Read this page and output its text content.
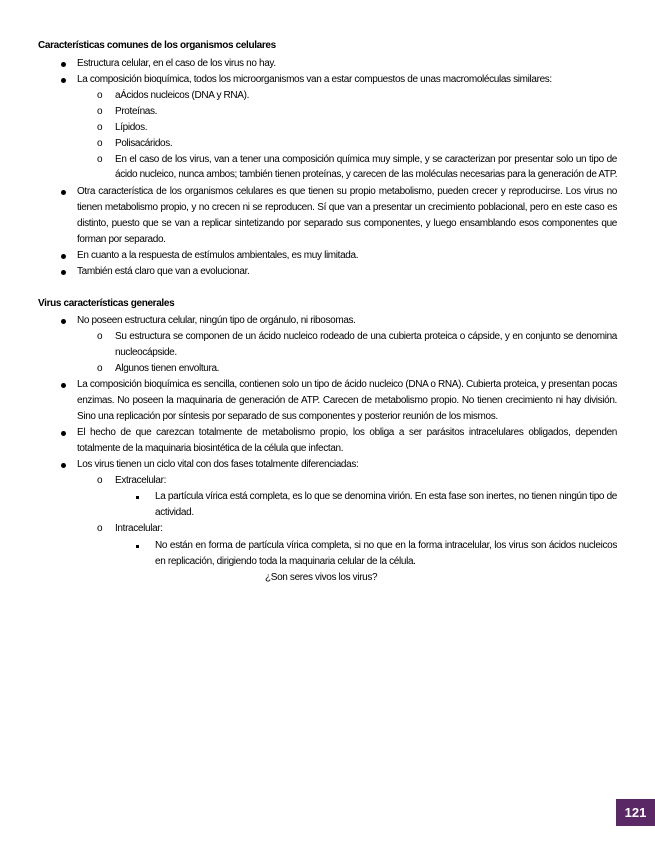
Características comunes de los organismos celulares
Estructura celular, en el caso de los virus no hay.
La composición bioquímica, todos los microorganismos van a estar compuestos de unas macromoléculas similares:
o aÁcidos nucleicos (DNA y RNA).
o Proteínas.
o Lípidos.
o Polisacáridos.
o En el caso de los virus, van a tener una composición química muy simple, y se caracterizan por presentar solo un tipo de
ácido nucleico, nunca ambos; también tienen proteínas, y carecen de las moléculas necesarias para la generación de ATP.
Otra característica de los organismos celulares es que tienen su propio metabolismo, pueden crecer y reproducirse. Los virus no
tienen metabolismo propio, y no crecen ni se reproducen. Sí que van a presentar un crecimiento poblacional, pero en este caso es
distinto, puesto que se van a replicar sintetizando por separado sus componentes, y luego ensamblando esos componentes que
forman por separado.
En cuanto a la respuesta de estímulos ambientales, es muy limitada.
También está claro que van a evolucionar.
Virus características generales
No poseen estructura celular, ningún tipo de orgánulo, ni ribosomas.
o Su estructura se componen de un ácido nucleico rodeado de una cubierta proteica o cápside, y en conjunto se denomina
nucleocápside.
o Algunos tienen envoltura.
La composición bioquímica es sencilla, contienen solo un tipo de ácido nucleico (DNA o RNA). Cubierta proteica, y presentan pocas
enzimas. No poseen la maquinaria de generación de ATP. Carecen de metabolismo propio. No tienen crecimiento ni hay división.
Sino una replicación por síntesis por separado de sus componentes y posterior reunión de los mismos.
El hecho de que carezcan totalmente de metabolismo propio, los obliga a ser parásitos intracelulares obligados, dependen
totalmente de la maquinaria biosintética de la célula que infectan.
Los virus tienen un ciclo vital con dos fases totalmente diferenciadas:
o Extracelular:
La partícula vírica está completa, es lo que se denomina virión. En esta fase son inertes, no tienen ningún tipo de
actividad.
o Intracelular:
No están en forma de partícula vírica completa, si no que en la forma intracelular, los virus son ácidos nucleicos
en replicación, dirigiendo toda la maquinaria celular de la célula.
¿Son seres vivos los virus?
121
